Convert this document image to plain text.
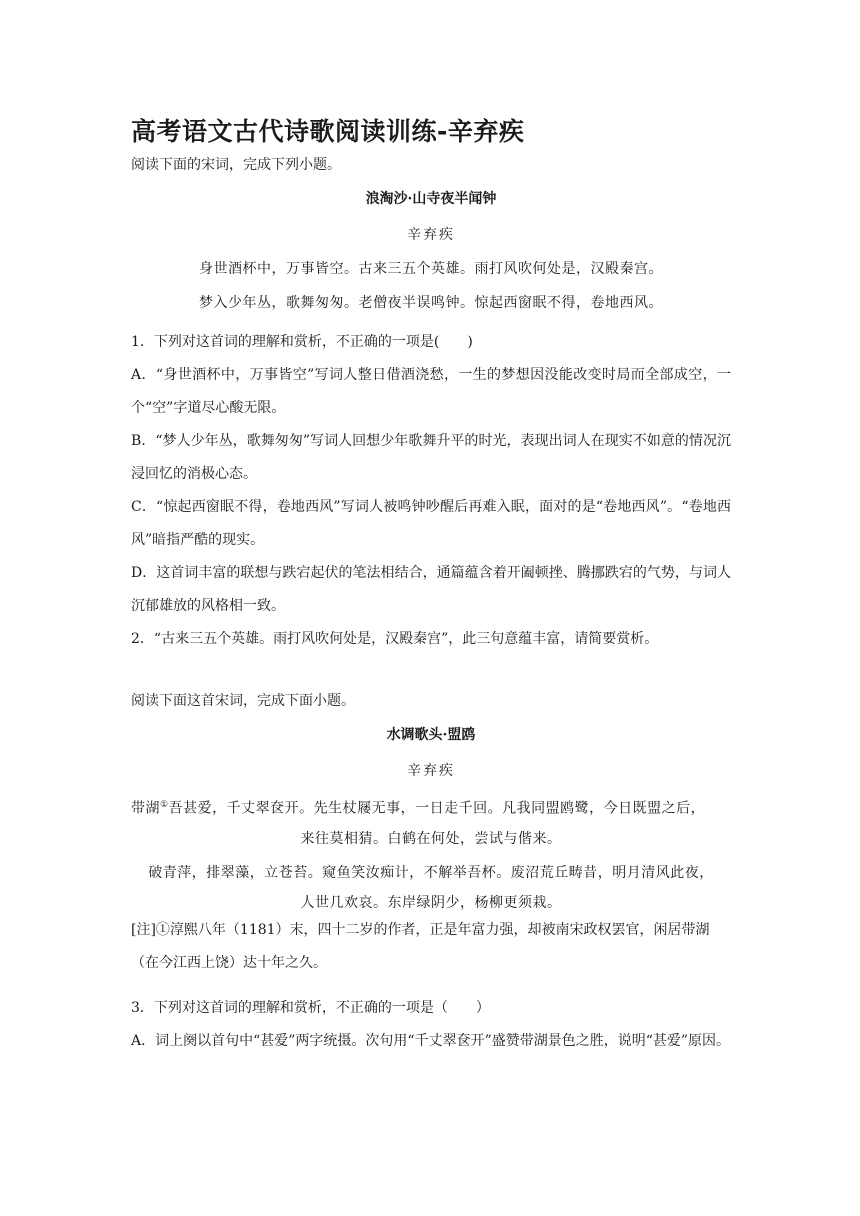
高考语文古代诗歌阅读训练-辛弃疾

阅读下面的宋词，完成下列小题。

浪淘沙·山寺夜半闻钟

辛弃疾

身世酒杯中，万事皆空。古来三五个英雄。雨打风吹何处是，汉殿秦宫。

梦入少年丛，歌舞匆匆。老僧夜半误鸣钟。惊起西窗眠不得，卷地西风。

1．下列对这首词的理解和赏析，不正确的一项是(　　)

A．“身世酒杯中，万事皆空”写词人整日借酒浇愁，一生的梦想因没能改变时局而全部成空，一个“空”字道尽心酸无限。

B．“梦人少年丛，歌舞匆匆”写词人回想少年歌舞升平的时光，表现出词人在现实不如意的情况沉浸回忆的消极心态。

C．“惊起西窗眠不得，卷地西风”写词人被鸣钟吵醒后再难入眠，面对的是“卷地西风”。“卷地西风”暗指严酷的现实。

D．这首词丰富的联想与跌宕起伏的笔法相结合，通篇蕴含着开阖顿挫、腾挪跌宕的气势，与词人沉郁雄放的风格相一致。

2．“古来三五个英雄。雨打风吹何处是，汉殿秦宫”，此三句意蕴丰富，请简要赏析。

阅读下面这首宋词，完成下面小题。

水调歌头·盟鸥

辛弃疾

带湖①吾甚爱，千丈翠奁开。先生杖屦无事，一日走千回。凡我同盟鸥鹭，今日既盟之后，

来往莫相猜。白鹤在何处，尝试与偕来。

破青萍，排翠藻，立苍苔。窥鱼笑汝痴计，不解举吾杯。废沼荒丘畴昔，明月清风此夜，

人世几欢哀。东岸绿阴少，杨柳更须栽。

[注]①淳熙八年（1181）末，四十二岁的作者，正是年富力强，却被南宋政权罢官，闲居带湖（在今江西上饶）达十年之久。

3．下列对这首词的理解和赏析，不正确的一项是（　　）

A．词上阕以首句中“甚爱”两字统摄。次句用“千丈翠奁开”盛赞带湖景色之胜，说明“甚爱”原因。
